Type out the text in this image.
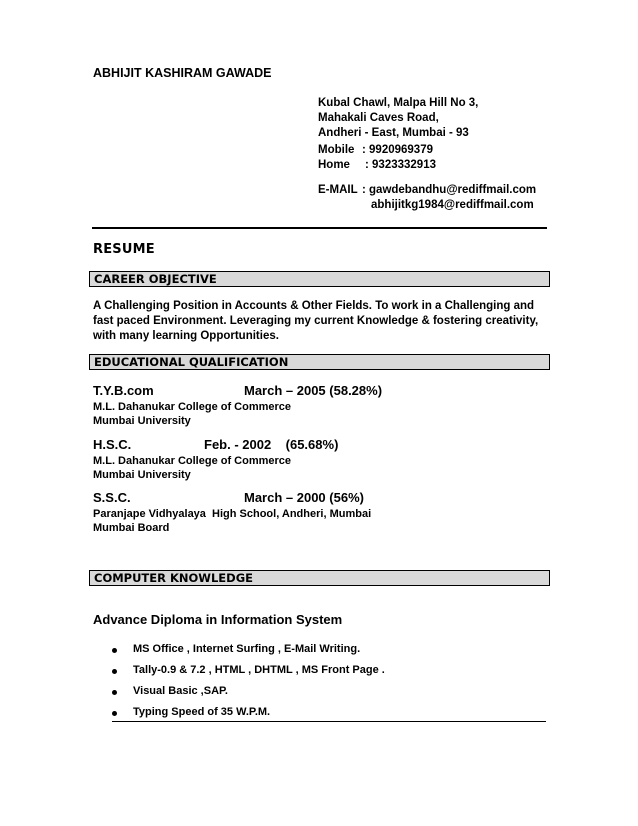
ABHIJIT KASHIRAM GAWADE
Kubal Chawl, Malpa Hill No 3,
Mahakali Caves Road,
Andheri - East, Mumbai - 93
Mobile : 9920969379
Home : 9323332913
E-MAIL : gawdebandhu@rediffmail.com
abhijitkg1984@rediffmail.com
RESUME
CAREER OBJECTIVE
A Challenging Position in Accounts & Other Fields. To work in a Challenging and
fast paced Environment. Leveraging my current Knowledge & fostering creativity,
with many learning Opportunities.
EDUCATIONAL QUALIFICATION
T.Y.B.com	March – 2005 (58.28%)
M.L. Dahanukar College of Commerce
Mumbai University
H.S.C.	Feb. - 2002    (65.68%)
M.L. Dahanukar College of Commerce
Mumbai University
S.S.C.	March – 2000 (56%)
Paranjape Vidhyalaya  High School, Andheri, Mumbai
Mumbai Board
COMPUTER KNOWLEDGE
Advance Diploma in Information System
MS Office , Internet Surfing , E-Mail Writing.
Tally-0.9 & 7.2 , HTML , DHTML , MS Front Page .
Visual Basic ,SAP.
Typing Speed of 35 W.P.M.
